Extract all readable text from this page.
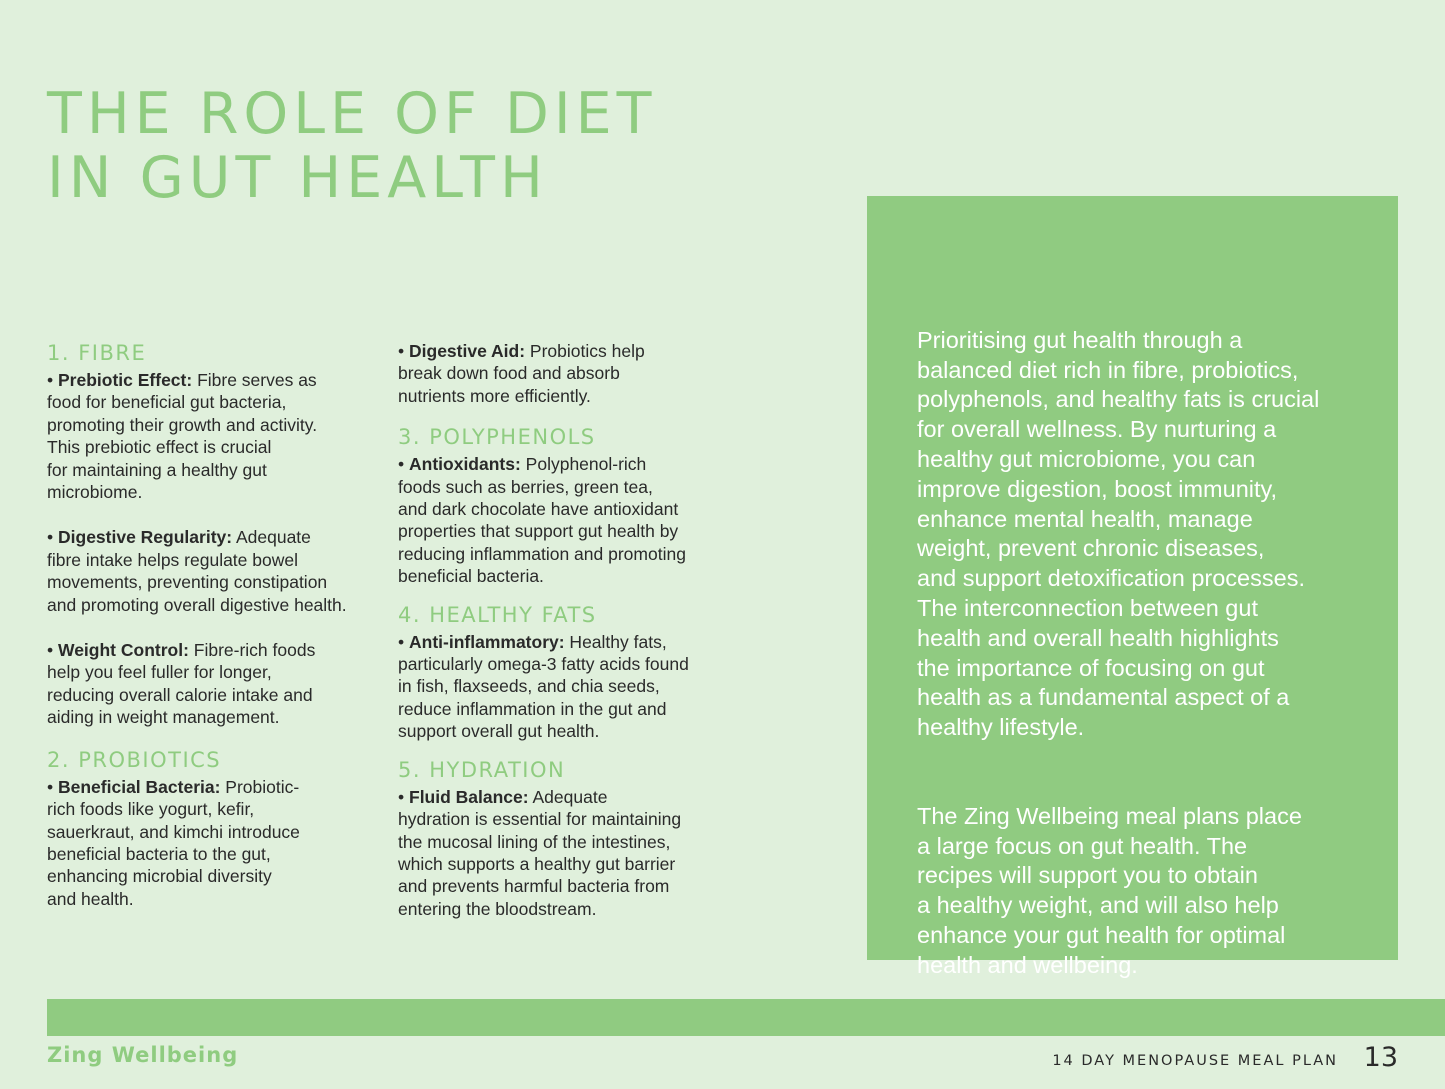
THE ROLE OF DIET
IN GUT HEALTH
1. FIBRE
• Prebiotic Effect: Fibre serves as
food for beneficial gut bacteria,
promoting their growth and activity.
This prebiotic effect is crucial
for maintaining a healthy gut
microbiome.
• Digestive Regularity: Adequate
fibre intake helps regulate bowel
movements, preventing constipation
and promoting overall digestive health.
• Weight Control: Fibre-rich foods
help you feel fuller for longer,
reducing overall calorie intake and
aiding in weight management.
2. PROBIOTICS
• Beneficial Bacteria: Probiotic-
rich foods like yogurt, kefir,
sauerkraut, and kimchi introduce
beneficial bacteria to the gut,
enhancing microbial diversity
and health.
• Digestive Aid: Probiotics help
break down food and absorb
nutrients more efficiently.
3. POLYPHENOLS
• Antioxidants: Polyphenol-rich
foods such as berries, green tea,
and dark chocolate have antioxidant
properties that support gut health by
reducing inflammation and promoting
beneficial bacteria.
4. HEALTHY FATS
• Anti-inflammatory: Healthy fats,
particularly omega-3 fatty acids found
in fish, flaxseeds, and chia seeds,
reduce inflammation in the gut and
support overall gut health.
5. HYDRATION
• Fluid Balance: Adequate
hydration is essential for maintaining
the mucosal lining of the intestines,
which supports a healthy gut barrier
and prevents harmful bacteria from
entering the bloodstream.

Prioritising gut health through a
balanced diet rich in fibre, probiotics,
polyphenols, and healthy fats is crucial
for overall wellness. By nurturing a
healthy gut microbiome, you can
improve digestion, boost immunity,
enhance mental health, manage
weight, prevent chronic diseases,
and support detoxification processes.
The interconnection between gut
health and overall health highlights
the importance of focusing on gut
health as a fundamental aspect of a
healthy lifestyle.

The Zing Wellbeing meal plans place
a large focus on gut health. The
recipes will support you to obtain
a healthy weight, and will also help
enhance your gut health for optimal
health and wellbeing.

Zing Wellbeing	14 DAY MENOPAUSE MEAL PLAN 13
